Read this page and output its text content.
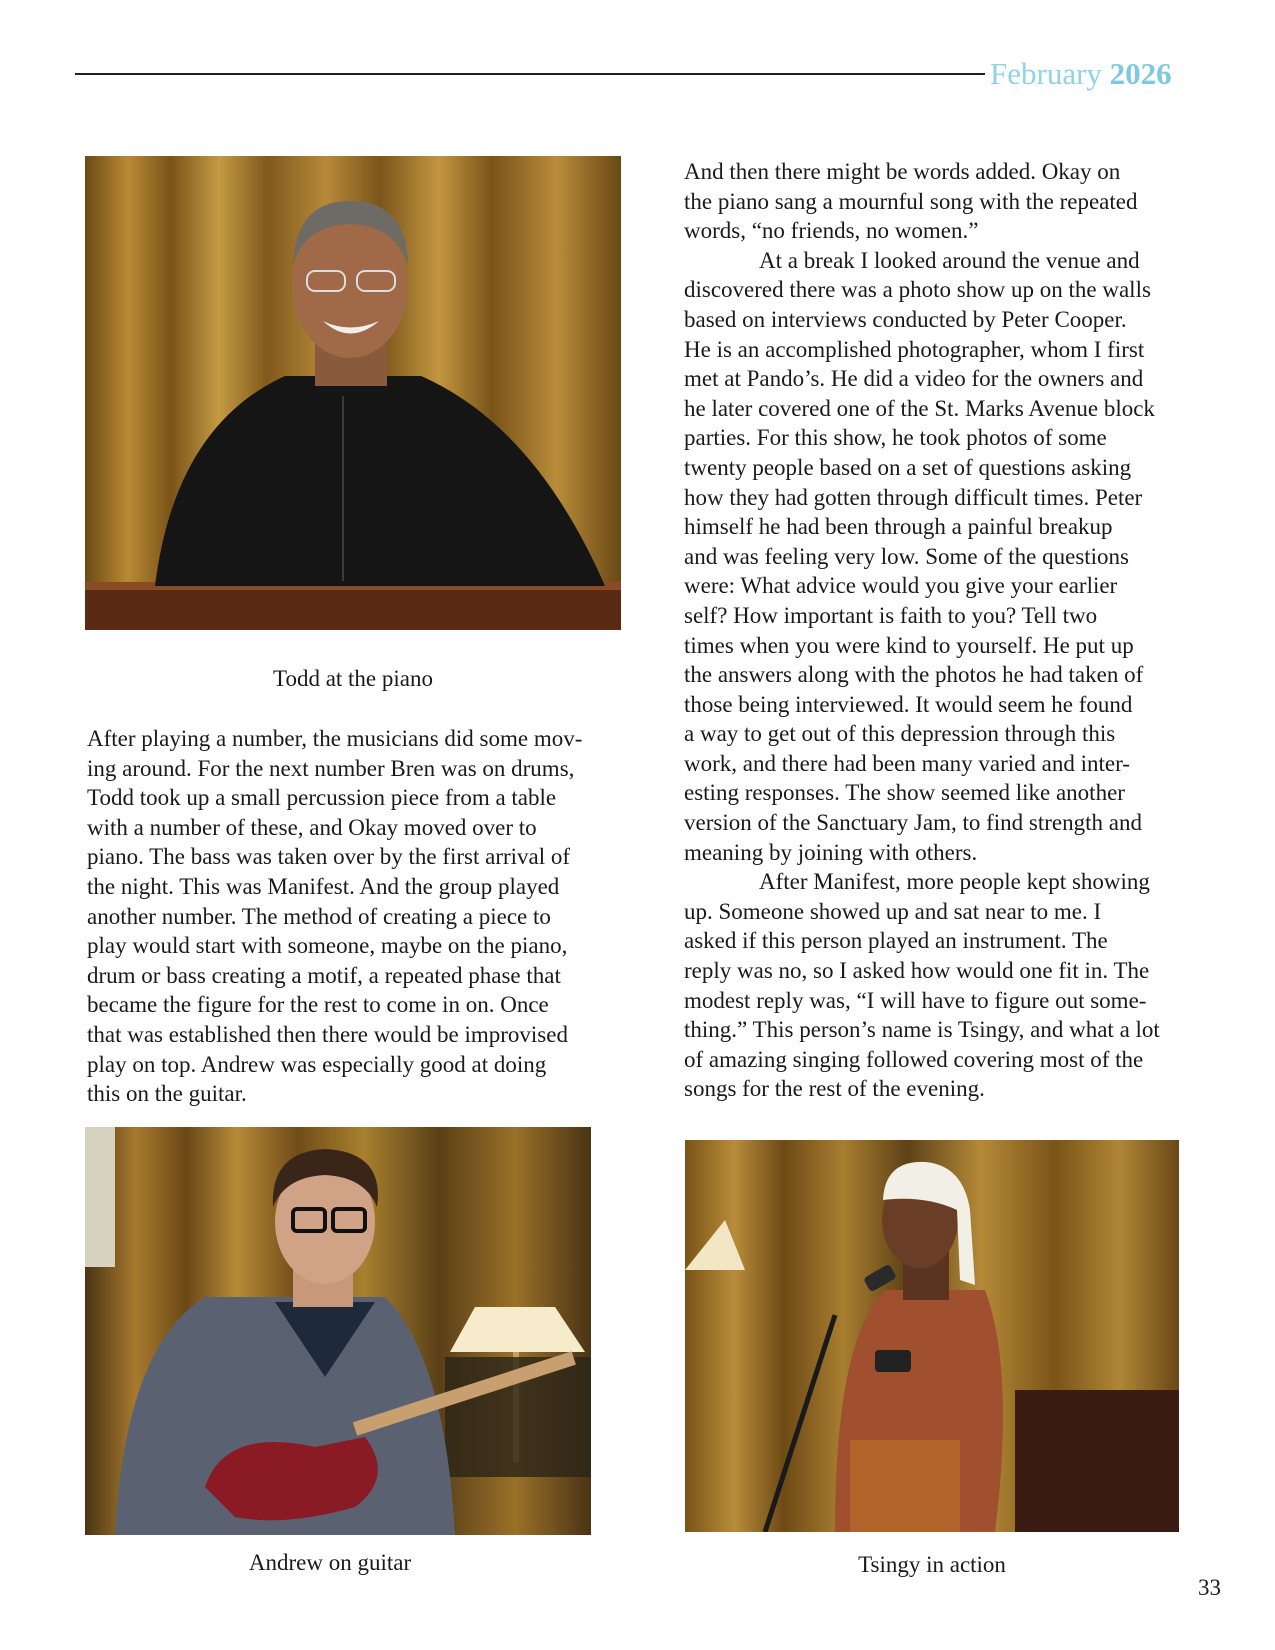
February 2026
Todd at the piano
After playing a number, the musicians did some mov-
ing around. For the next number Bren was on drums,
Todd took up a small percussion piece from a table
with a number of these, and Okay moved over to
piano. The bass was taken over by the first arrival of
the night. This was Manifest. And the group played
another number. The method of creating a piece to
play would start with someone, maybe on the piano,
drum or bass creating a motif, a repeated phase that
became the figure for the rest to come in on. Once
that was established then there would be improvised
play on top. Andrew was especially good at doing
this on the guitar.
Andrew on guitar

And then there might be words added. Okay on
the piano sang a mournful song with the repeated
words, “no friends, no women.”

At a break I looked around the venue and
discovered there was a photo show up on the walls
based on interviews conducted by Peter Cooper.
He is an accomplished photographer, whom I first
met at Pando’s. He did a video for the owners and
he later covered one of the St. Marks Avenue block
parties. For this show, he took photos of some
twenty people based on a set of questions asking
how they had gotten through difficult times. Peter
himself he had been through a painful breakup
and was feeling very low. Some of the questions
were: What advice would you give your earlier
self? How important is faith to you? Tell two
times when you were kind to yourself. He put up
the answers along with the photos he had taken of
those being interviewed. It would seem he found
a way to get out of this depression through this
work, and there had been many varied and inter-
esting responses. The show seemed like another
version of the Sanctuary Jam, to find strength and
meaning by joining with others.

After Manifest, more people kept showing
up. Someone showed up and sat near to me. I
asked if this person played an instrument. The
reply was no, so I asked how would one fit in. The
modest reply was, “I will have to figure out some-
thing.” This person’s name is Tsingy, and what a lot
of amazing singing followed covering most of the
songs for the rest of the evening.

Tsingy in action
33
